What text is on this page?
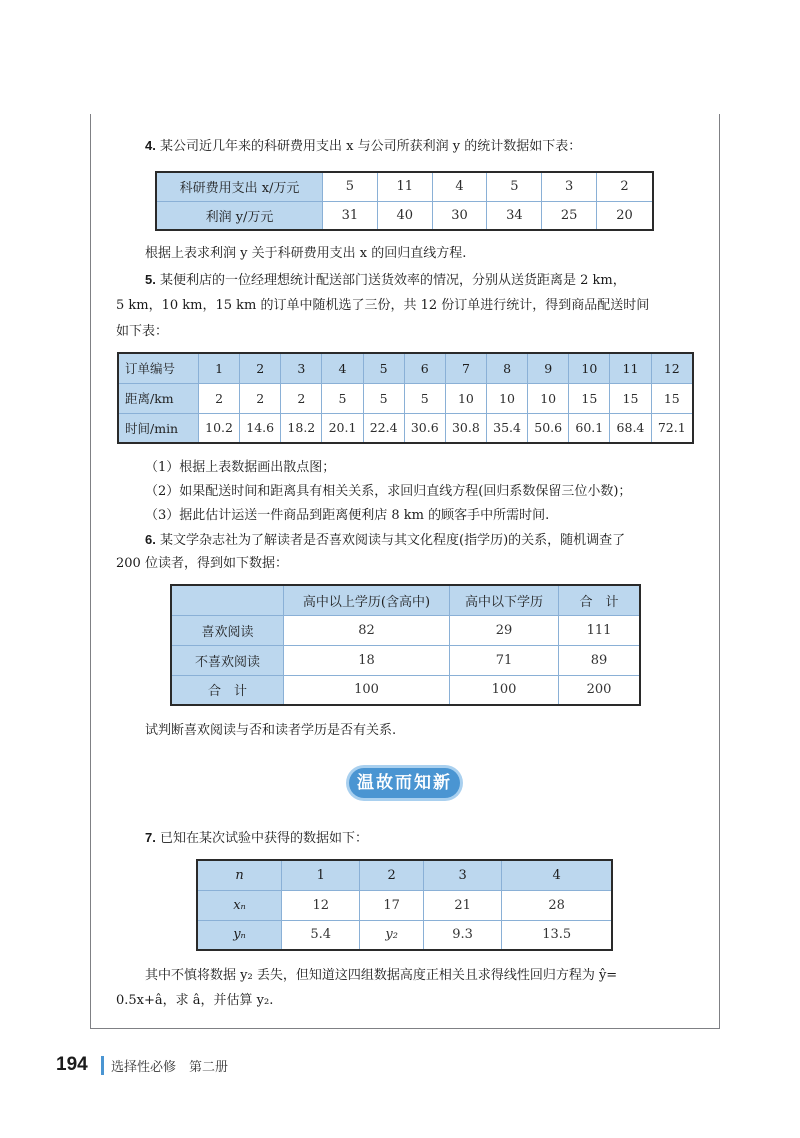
4. 某公司近几年来的科研费用支出 x 与公司所获利润 y 的统计数据如下表：
科研费用支出 x/万元	5	11	4	5	3	2
利润 y/万元	31	40	30	34	25	20
根据上表求利润 y 关于科研费用支出 x 的回归直线方程.
5. 某便利店的一位经理想统计配送部门送货效率的情况，分别从送货距离是 2 km，
5 km，10 km，15 km 的订单中随机选了三份，共 12 份订单进行统计，得到商品配送时间
如下表：
订单编号	1	2	3	4	5	6	7	8	9	10	11	12
距离/km	2	2	2	5	5	5	10	10	10	15	15	15
时间/min	10.2	14.6	18.2	20.1	22.4	30.6	30.8	35.4	50.6	60.1	68.4	72.1
（1）根据上表数据画出散点图；
（2）如果配送时间和距离具有相关关系，求回归直线方程(回归系数保留三位小数)；
（3）据此估计运送一件商品到距离便利店 8 km 的顾客手中所需时间.
6. 某文学杂志社为了解读者是否喜欢阅读与其文化程度(指学历)的关系，随机调查了
200 位读者，得到如下数据：
	高中以上学历(含高中)	高中以下学历	合　计
喜欢阅读	82	29	111
不喜欢阅读	18	71	89
合　计	100	100	200
试判断喜欢阅读与否和读者学历是否有关系.
温故而知新
7. 已知在某次试验中获得的数据如下：
n	1	2	3	4
xₙ	12	17	21	28
yₙ	5.4	y₂	9.3	13.5
其中不慎将数据 y₂ 丢失，但知道这四组数据高度正相关且求得线性回归方程为 ŷ=
0.5x+â，求 â，并估算 y₂.
194 选择性必修　第二册
